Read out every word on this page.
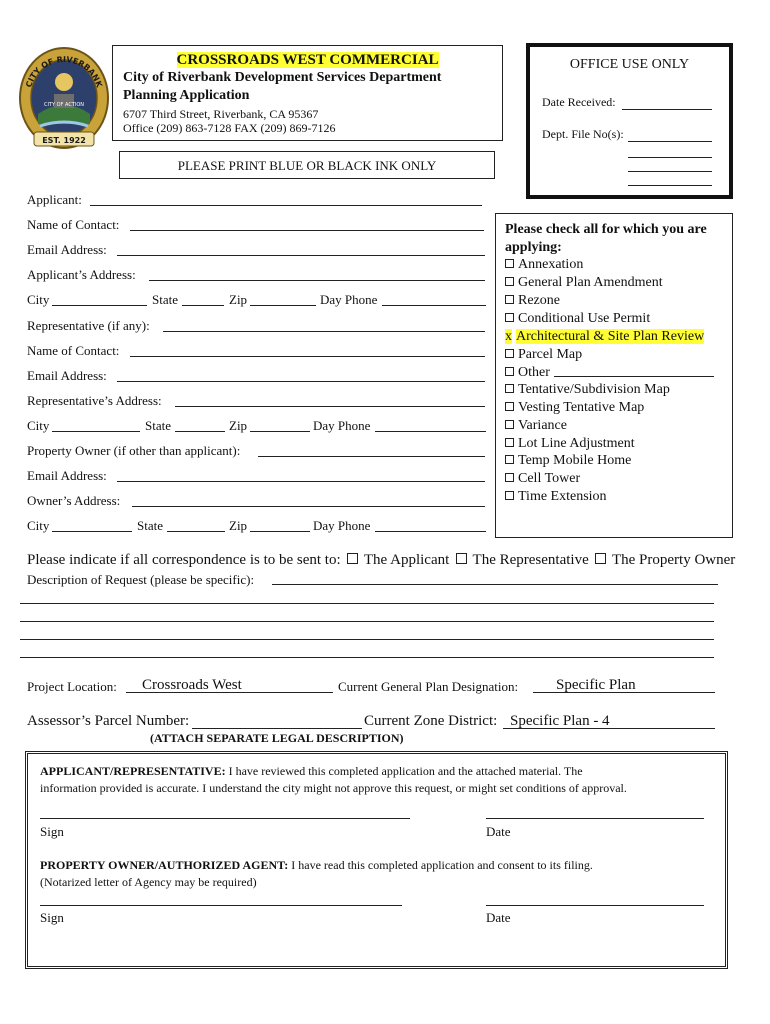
CITY OF RIVERBANK
EST. 1922
CITY OF ACTION
CROSSROADS WEST COMMERCIAL
City of Riverbank Development Services Department
Planning Application
6707 Third Street, Riverbank, CA 95367
Office (209) 863-7128 FAX (209) 869-7126
PLEASE PRINT BLUE OR BLACK INK ONLY
OFFICE USE ONLY
Date Received:
Dept. File No(s):
Applicant:
Name of Contact:
Email Address:
Applicant’s Address:
City	State	Zip	Day Phone
Representative (if any):
Name of Contact:
Email Address:
Representative’s Address:
City	State	Zip	Day Phone
Property Owner (if other than applicant):
Email Address:
Owner’s Address:
City	State	Zip	Day Phone
Please check all for which you are
applying:
Annexation
General Plan Amendment
Rezone
Conditional Use Permit
x Architectural & Site Plan Review
Parcel Map
Other
Tentative/Subdivision Map
Vesting Tentative Map
Variance
Lot Line Adjustment
Temp Mobile Home
Cell Tower
Time Extension
Please indicate if all correspondence is to be sent to: The Applicant The Representative The Property Owner
Description of Request (please be specific):
Project Location: Crossroads West	Current General Plan Designation:	Specific Plan
Assessor’s Parcel Number:	Current Zone District: Specific Plan - 4
(ATTACH SEPARATE LEGAL DESCRIPTION)
APPLICANT/REPRESENTATIVE: I have reviewed this completed application and the attached material. The
information provided is accurate. I understand the city might not approve this request, or might set conditions of approval.
Sign	Date
PROPERTY OWNER/AUTHORIZED AGENT: I have read this completed application and consent to its filing.
(Notarized letter of Agency may be required)
Sign	Date
